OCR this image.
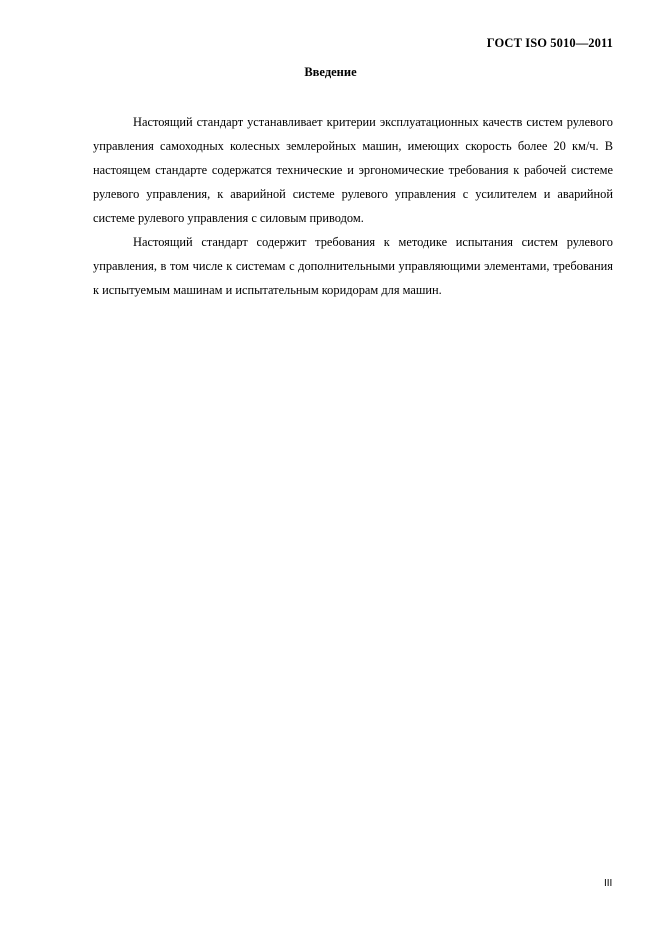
ГОСТ ISO 5010—2011
Введение

Настоящий стандарт устанавливает критерии эксплуатационных качеств систем рулевого управления самоходных колесных землеройных машин, имеющих скорость более 20 км/ч. В настоящем стандарте содержатся технические и эргономические требования к рабочей системе рулевого управления, к аварийной системе рулевого управления с усилителем и аварийной системе рулевого управления с силовым приводом.

Настоящий стандарт содержит требования к методике испытания систем рулевого управления, в том числе к системам с дополнительными управляющими элементами, требования к испытуемым машинам и испытательным коридорам для машин.

III
